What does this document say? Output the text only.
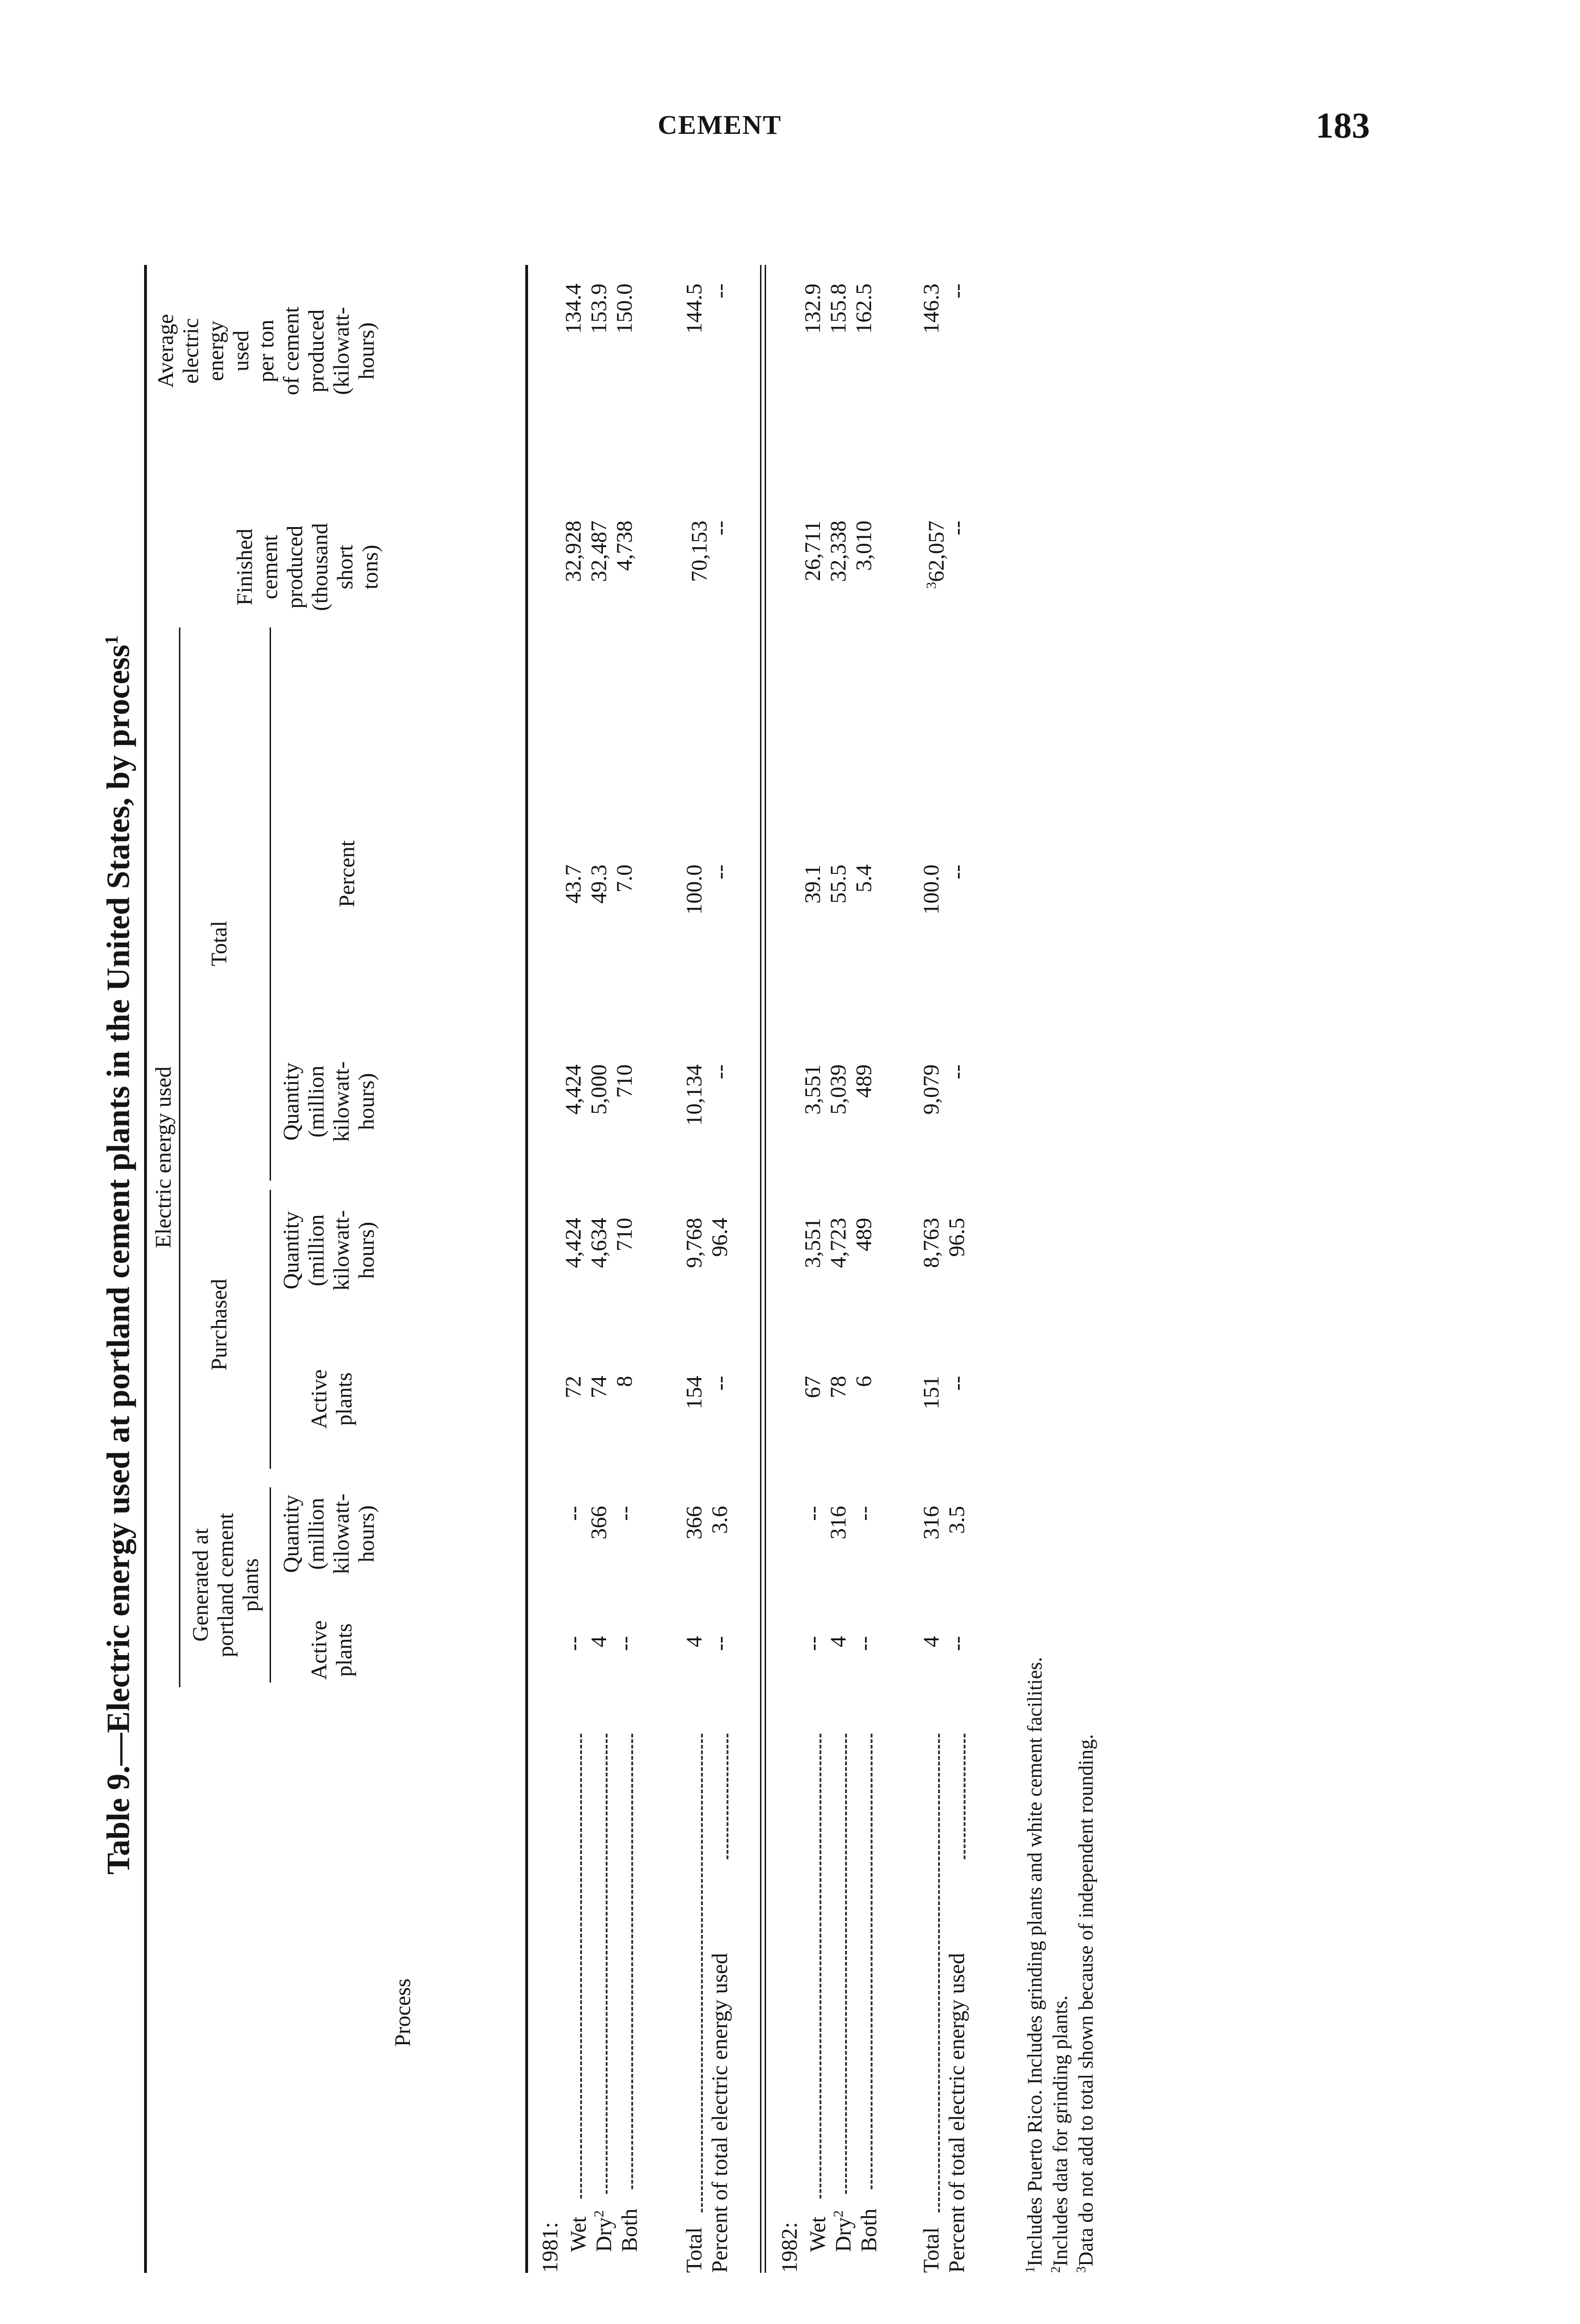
CEMENT	183
Table 9.—Electric energy used at portland cement plants in the United States, by process$^1$
Process
Electric energy used
Generated at portland cement plants
Purchased
Total
Active plants
Quantity (million kilowatt- hours)
Active plants
Quantity (million kilowatt- hours)
Quantity (million kilowatt- hours)
Percent
Finished cement produced (thousand short tons)
Average electric energy used per ton of cement produced (kilowatt- hours)
1981: Wet
--
--
72
4,424
4,424
43.7
32,928
134.4
Dry$^2$
4
366
74
4,634
5,000
49.3
32,487
153.9
Both
--
--
8
710
710
7.0
4,738
150.0
Total
4
366
154
9,768
10,134
100.0
70,153
144.5
Percent of total electric energy used
--
3.6
--
96.4
--
--
--
--
1982: Wet
--
--
67
3,551
3,551
39.1
26,711
132.9
Dry$^2$
4
316
78
4,723
5,039
55.5
32,338
155.8
Both
--
--
6
489
489
5.4
3,010
162.5
Total
4
316
151
8,763
9,079
100.0
$^3$62,057
146.3
Percent of total electric energy used
--
3.5
--
96.5
--
--
--
--
$^1$Includes Puerto Rico. Includes grinding plants and white cement facilities.
$^2$Includes data for grinding plants.
$^3$Data do not add to total shown because of independent rounding.
